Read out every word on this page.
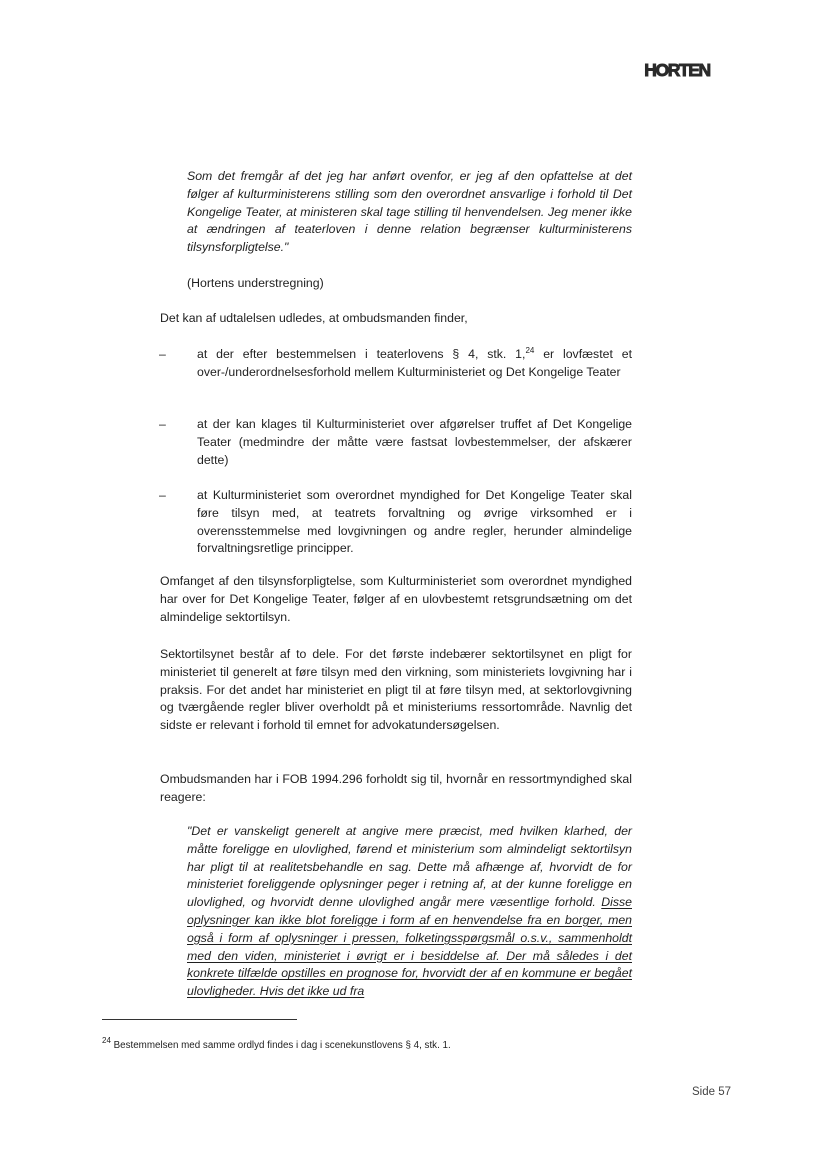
HORTEN

Som det fremgår af det jeg har anført ovenfor, er jeg af den opfattelse at det følger af kulturministerens stilling som den overordnet ansvarlige i forhold til Det Kongelige Teater, at ministeren skal tage stilling til henvendelsen. Jeg mener ikke at ændringen af teaterloven i denne relation begrænser kulturministerens tilsynsforpligtelse."

(Hortens understregning)

Det kan af udtalelsen udledes, at ombudsmanden finder,

–	at der efter bestemmelsen i teaterlovens § 4, stk. 1,24 er lovfæstet et over-/underordnelsesforhold mellem Kulturministeriet og Det Kongelige Teater

–	at der kan klages til Kulturministeriet over afgørelser truffet af Det Kongelige Teater (medmindre der måtte være fastsat lovbestemmelser, der afskærer dette)

–	at Kulturministeriet som overordnet myndighed for Det Kongelige Teater skal føre tilsyn med, at teatrets forvaltning og øvrige virksomhed er i overensstemmelse med lovgivningen og andre regler, herunder almindelige forvaltningsretlige principper.

Omfanget af den tilsynsforpligtelse, som Kulturministeriet som overordnet myndighed har over for Det Kongelige Teater, følger af en ulovbestemt retsgrundsætning om det almindelige sektortilsyn.

Sektortilsynet består af to dele. For det første indebærer sektortilsynet en pligt for ministeriet til generelt at føre tilsyn med den virkning, som ministeriets lovgivning har i praksis. For det andet har ministeriet en pligt til at føre tilsyn med, at sektorlovgivning og tværgående regler bliver overholdt på et ministeriums ressortområde. Navnlig det sidste er relevant i forhold til emnet for advokatundersøgelsen.

Ombudsmanden har i FOB 1994.296 forholdt sig til, hvornår en ressortmyndighed skal reagere:

"Det er vanskeligt generelt at angive mere præcist, med hvilken klarhed, der måtte foreligge en ulovlighed, førend et ministerium som almindeligt sektortilsyn har pligt til at realitetsbehandle en sag. Dette må afhænge af, hvorvidt de for ministeriet foreliggende oplysninger peger i retning af, at der kunne foreligge en ulovlighed, og hvorvidt denne ulovlighed angår mere væsentlige forhold. Disse oplysninger kan ikke blot foreligge i form af en henvendelse fra en borger, men også i form af oplysninger i pressen, folketingsspørgsmål o.s.v., sammenholdt med den viden, ministeriet i øvrigt er i besiddelse af. Der må således i det konkrete tilfælde opstilles en prognose for, hvorvidt der af en kommune er begået ulovligheder. Hvis det ikke ud fra

$^{24}$ Bestemmelsen med samme ordlyd findes i dag i scenekunstlovens § 4, stk. 1.

Side 57
